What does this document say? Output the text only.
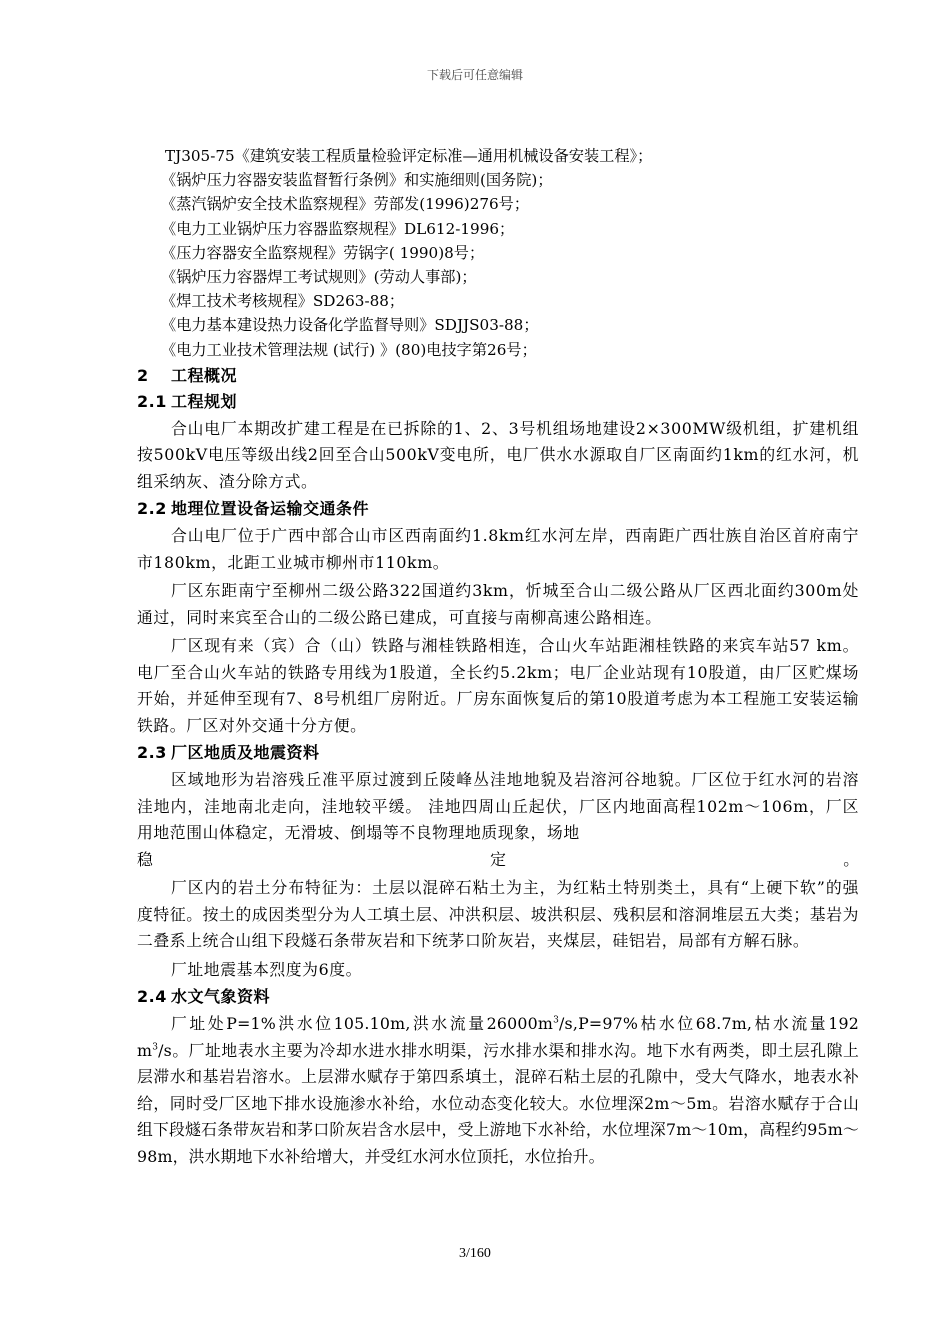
下载后可任意编辑
TJ305-75《建筑安装工程质量检验评定标准—通用机械设备安装工程》；
《锅炉压力容器安装监督暂行条例》和实施细则(国务院)；
《蒸汽锅炉安全技术监察规程》劳部发(1996)276号；
《电力工业锅炉压力容器监察规程》DL612-1996；
《压力容器安全监察规程》劳锅字( 1990)8号；
《锅炉压力容器焊工考试规则》(劳动人事部)；
《焊工技术考核规程》SD263-88；
《电力基本建设热力设备化学监督导则》SDJJS03-88；
《电力工业技术管理法规 (试行) 》(80)电技字第26号；
2 工程概况
2.1 工程规划

合山电厂本期改扩建工程是在已拆除的1、2、3号机组场地建设2×300MW级机组，扩建机组按500kV电压等级出线2回至合山500kV变电所，电厂供水水源取自厂区南面约1km的红水河，机组采纳灰、渣分除方式。

2.2 地理位置设备运输交通条件

合山电厂位于广西中部合山市区西南面约1.8km红水河左岸，西南距广西壮族自治区首府南宁市180km，北距工业城市柳州市110km。

厂区东距南宁至柳州二级公路322国道约3km，忻城至合山二级公路从厂区西北面约300m处通过，同时来宾至合山的二级公路已建成，可直接与南柳高速公路相连。

厂区现有来（宾）合（山）铁路与湘桂铁路相连，合山火车站距湘桂铁路的来宾车站57 km。电厂至合山火车站的铁路专用线为1股道，全长约5.2km；电厂企业站现有10股道，由厂区贮煤场开始，并延伸至现有7、8号机组厂房附近。厂房东面恢复后的第10股道考虑为本工程施工安装运输铁路。厂区对外交通十分方便。

2.3 厂区地质及地震资料

区域地形为岩溶残丘准平原过渡到丘陵峰丛洼地地貌及岩溶河谷地貌。厂区位于红水河的岩溶洼地内，洼地南北走向，洼地较平缓。 洼地四周山丘起伏，厂区内地面高程102m～106m，厂区用地范围山体稳定，无滑坡、倒塌等不良物理地质现象，场地

稳 定 。

厂区内的岩土分布特征为：土层以混碎石粘土为主，为红粘土特别类土，具有“上硬下软”的强度特征。按土的成因类型分为人工填土层、冲洪积层、坡洪积层、残积层和溶洞堆层五大类；基岩为二叠系上统合山组下段燧石条带灰岩和下统茅口阶灰岩，夹煤层，硅铝岩，局部有方解石脉。

厂址地震基本烈度为6度。

2.4 水文气象资料

厂址处P=1%洪水位105.10m,洪水流量$26000m^3/s,P=97\%$枯水位68.7m,枯水流量192 $m^3/s$。厂址地表水主要为冷却水进水排水明渠，污水排水渠和排水沟。地下水有两类，即土层孔隙上层滞水和基岩岩溶水。上层滞水赋存于第四系填土，混碎石粘土层的孔隙中，受大气降水，地表水补给，同时受厂区地下排水设施渗水补给，水位动态变化较大。水位埋深2m～5m。岩溶水赋存于合山组下段燧石条带灰岩和茅口阶灰岩含水层中，受上游地下水补给，水位埋深7m～10m，高程约95m～98m，洪水期地下水补给增大，并受红水河水位顶托，水位抬升。

3/160
